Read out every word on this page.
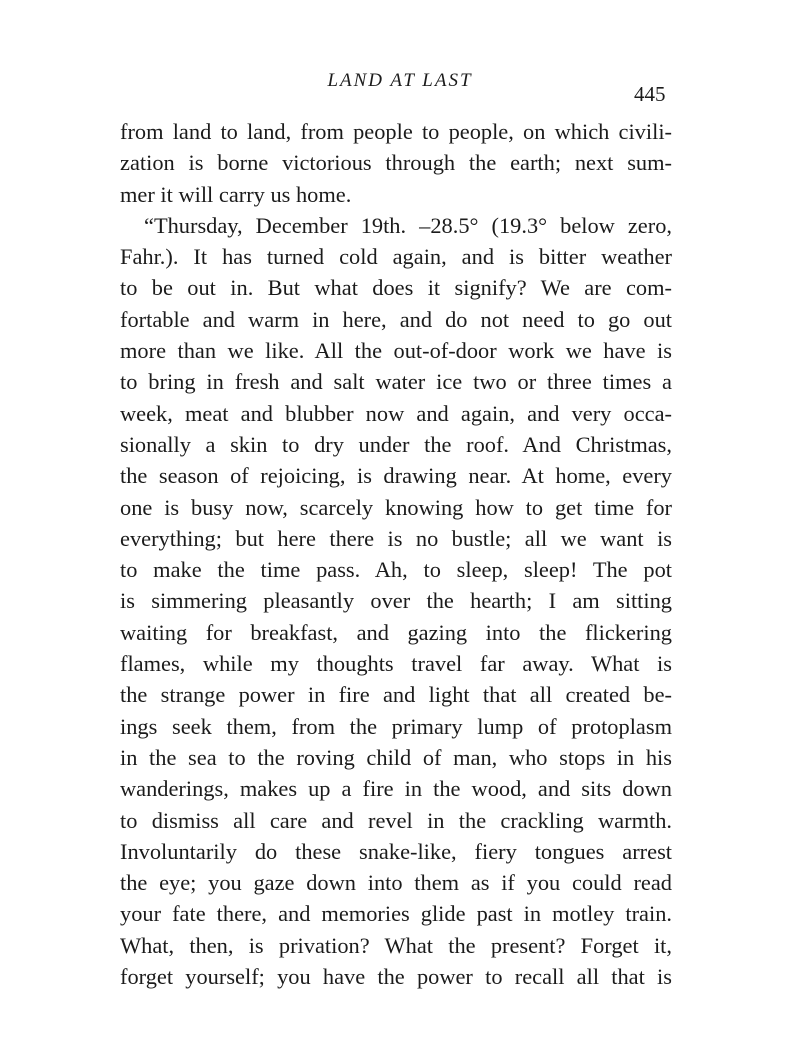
LAND AT LAST
445
from land to land, from people to people, on which civili-
zation is borne victorious through the earth; next sum-
mer it will carry us home.
“Thursday, December 19th. –28.5° (19.3° below zero,
Fahr.). It has turned cold again, and is bitter weather
to be out in. But what does it signify? We are com-
fortable and warm in here, and do not need to go out
more than we like. All the out-of-door work we have is
to bring in fresh and salt water ice two or three times a
week, meat and blubber now and again, and very occa-
sionally a skin to dry under the roof. And Christmas,
the season of rejoicing, is drawing near. At home, every
one is busy now, scarcely knowing how to get time for
everything; but here there is no bustle; all we want is
to make the time pass. Ah, to sleep, sleep! The pot
is simmering pleasantly over the hearth; I am sitting
waiting for breakfast, and gazing into the flickering
flames, while my thoughts travel far away. What is
the strange power in fire and light that all created be-
ings seek them, from the primary lump of protoplasm
in the sea to the roving child of man, who stops in his
wanderings, makes up a fire in the wood, and sits down
to dismiss all care and revel in the crackling warmth.
Involuntarily do these snake-like, fiery tongues arrest
the eye; you gaze down into them as if you could read
your fate there, and memories glide past in motley train.
What, then, is privation? What the present? Forget it,
forget yourself; you have the power to recall all that is
